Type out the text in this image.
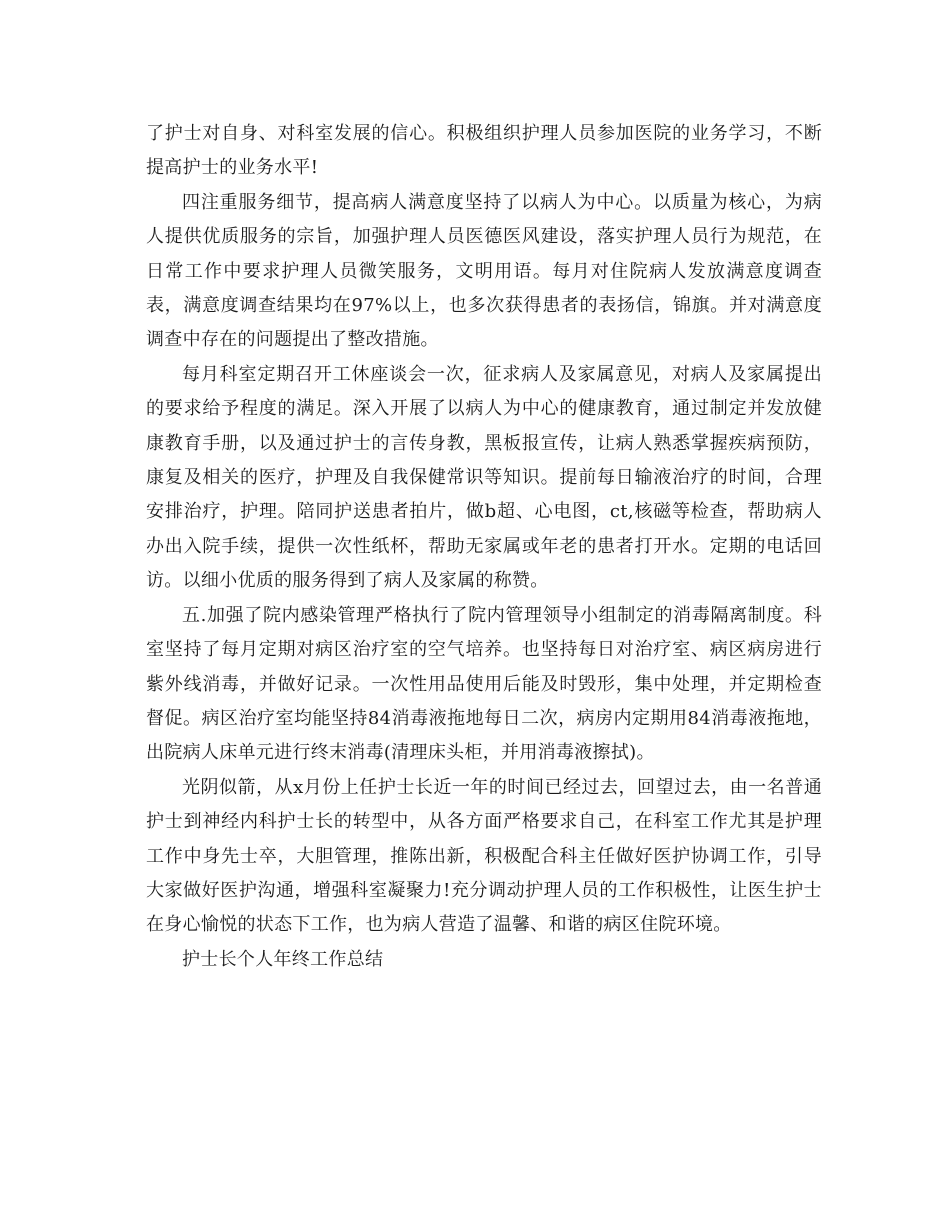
了护士对自身、对科室发展的信心。积极组织护理人员参加医院的业务学习，不断提高护士的业务水平!

四注重服务细节，提高病人满意度坚持了以病人为中心。以质量为核心，为病人提供优质服务的宗旨，加强护理人员医德医风建设，落实护理人员行为规范，在日常工作中要求护理人员微笑服务，文明用语。每月对住院病人发放满意度调查表，满意度调查结果均在97%以上，也多次获得患者的表扬信，锦旗。并对满意度调查中存在的问题提出了整改措施。

每月科室定期召开工休座谈会一次，征求病人及家属意见，对病人及家属提出的要求给予程度的满足。深入开展了以病人为中心的健康教育，通过制定并发放健康教育手册，以及通过护士的言传身教，黑板报宣传，让病人熟悉掌握疾病预防，康复及相关的医疗，护理及自我保健常识等知识。提前每日输液治疗的时间，合理安排治疗，护理。陪同护送患者拍片，做b超、心电图，ct,核磁等检查，帮助病人办出入院手续，提供一次性纸杯，帮助无家属或年老的患者打开水。定期的电话回访。以细小优质的服务得到了病人及家属的称赞。

五.加强了院内感染管理严格执行了院内管理领导小组制定的消毒隔离制度。科室坚持了每月定期对病区治疗室的空气培养。也坚持每日对治疗室、病区病房进行紫外线消毒，并做好记录。一次性用品使用后能及时毁形，集中处理，并定期检查督促。病区治疗室均能坚持84消毒液拖地每日二次，病房内定期用84消毒液拖地，出院病人床单元进行终末消毒(清理床头柜，并用消毒液擦拭)。

光阴似箭，从x月份上任护士长近一年的时间已经过去，回望过去，由一名普通护士到神经内科护士长的转型中，从各方面严格要求自己，在科室工作尤其是护理工作中身先士卒，大胆管理，推陈出新，积极配合科主任做好医护协调工作，引导大家做好医护沟通，增强科室凝聚力!充分调动护理人员的工作积极性，让医生护士在身心愉悦的状态下工作，也为病人营造了温馨、和谐的病区住院环境。

护士长个人年终工作总结
